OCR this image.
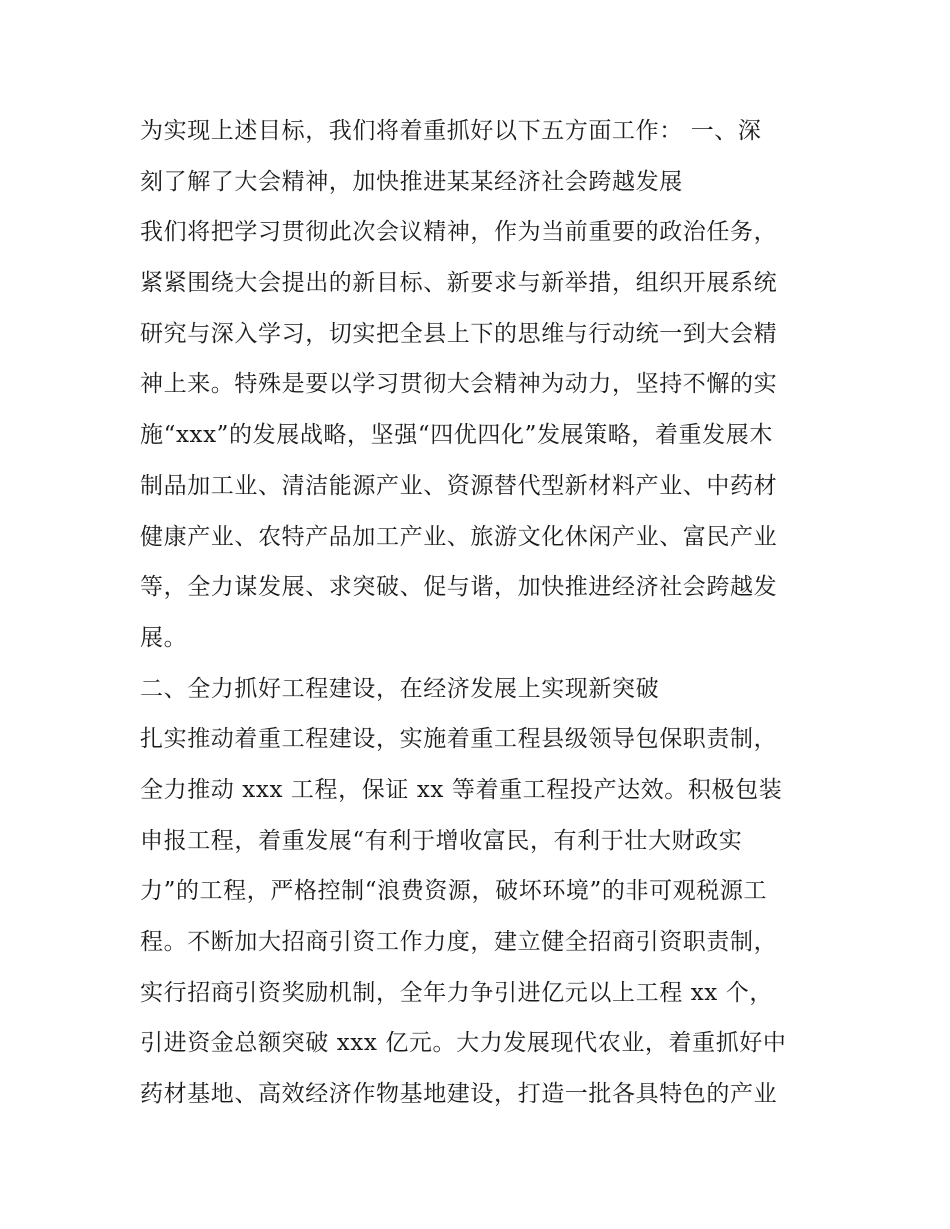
为实现上述目标，我们将着重抓好以下五方面工作： 一、深
刻了解了大会精神，加快推进某某经济社会跨越发展
我们将把学习贯彻此次会议精神，作为当前重要的政治任务，
紧紧围绕大会提出的新目标、新要求与新举措，组织开展系统
研究与深入学习，切实把全县上下的思维与行动统一到大会精
神上来。特殊是要以学习贯彻大会精神为动力，坚持不懈的实
施“xxx”的发展战略，坚强“四优四化”发展策略，着重发展木
制品加工业、清洁能源产业、资源替代型新材料产业、中药材
健康产业、农特产品加工产业、旅游文化休闲产业、富民产业
等，全力谋发展、求突破、促与谐，加快推进经济社会跨越发
展。
二、全力抓好工程建设，在经济发展上实现新突破
扎实推动着重工程建设，实施着重工程县级领导包保职责制，
全力推动 xxx 工程，保证 xx 等着重工程投产达效。积极包装
申报工程，着重发展“有利于增收富民，有利于壮大财政实
力”的工程，严格控制“浪费资源，破坏环境”的非可观税源工
程。不断加大招商引资工作力度，建立健全招商引资职责制，
实行招商引资奖励机制，全年力争引进亿元以上工程 xx 个，
引进资金总额突破 xxx 亿元。大力发展现代农业，着重抓好中
药材基地、高效经济作物基地建设，打造一批各具特色的产业
